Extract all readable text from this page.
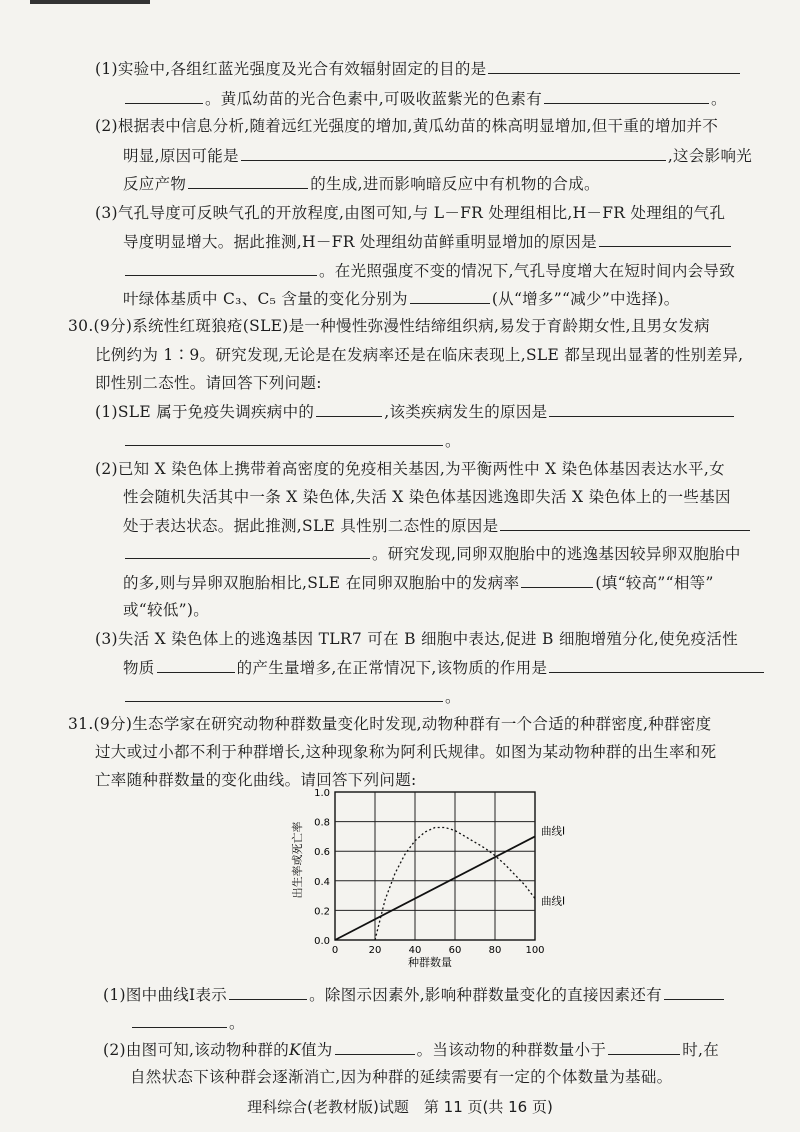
(1)实验中,各组红蓝光强度及光合有效辐射固定的目的是
。黄瓜幼苗的光合色素中,可吸收蓝紫光的色素有	。
(2)根据表中信息分析,随着远红光强度的增加,黄瓜幼苗的株高明显增加,但干重的增加并不
明显,原因可能是	,这会影响光
反应产物	的生成,进而影响暗反应中有机物的合成。
(3)气孔导度可反映气孔的开放程度,由图可知,与 L－FR 处理组相比,H－FR 处理组的气孔
导度明显增大。据此推测,H－FR 处理组幼苗鲜重明显增加的原因是
。在光照强度不变的情况下,气孔导度增大在短时间内会导致
叶绿体基质中 C₃、C₅ 含量的变化分别为	(从“增多”“减少”中选择)。
30.(9分)系统性红斑狼疮(SLE)是一种慢性弥漫性结缔组织病,易发于育龄期女性,且男女发病
比例约为 1∶9。研究发现,无论是在发病率还是在临床表现上,SLE 都呈现出显著的性别差异,
即性别二态性。请回答下列问题:
(1)SLE 属于免疫失调疾病中的	,该类疾病发生的原因是
。
(2)已知 X 染色体上携带着高密度的免疫相关基因,为平衡两性中 X 染色体基因表达水平,女
性会随机失活其中一条 X 染色体,失活 X 染色体基因逃逸即失活 X 染色体上的一些基因
处于表达状态。据此推测,SLE 具性别二态性的原因是
。研究发现,同卵双胞胎中的逃逸基因较异卵双胞胎中
的多,则与异卵双胞胎相比,SLE 在同卵双胞胎中的发病率	(填“较高”“相等”
或“较低”)。
(3)失活 X 染色体上的逃逸基因 TLR7 可在 B 细胞中表达,促进 B 细胞增殖分化,使免疫活性
物质	的产生量增多,在正常情况下,该物质的作用是
。
31.(9分)生态学家在研究动物种群数量变化时发现,动物种群有一个合适的种群密度,种群密度
过大或过小都不利于种群增长,这种现象称为阿利氏规律。如图为某动物种群的出生率和死
亡率随种群数量的变化曲线。请回答下列问题:
出生率或死亡率
种群数量
0	20	40	60	80 100
0.0
0.2
0.4
0.6
0.8
1.0
曲线Ⅰ
曲线Ⅱ
(1)图中曲线Ⅰ表示	。除图示因素外,影响种群数量变化的直接因素还有
。
(2)由图可知,该动物种群的K值为	。当该动物的种群数量小于	时,在
自然状态下该种群会逐渐消亡,因为种群的延续需要有一定的个体数量为基础。
理科综合(老教材版)试题　第 11 页(共 16 页)
